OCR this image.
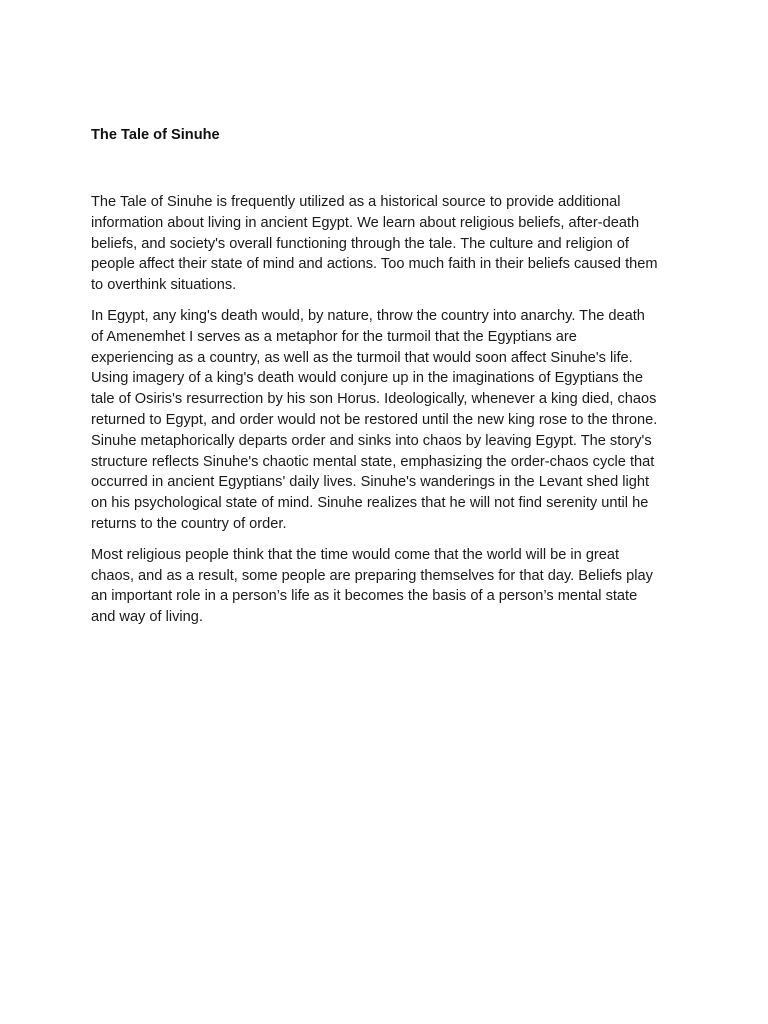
The Tale of Sinuhe

The Tale of Sinuhe is frequently utilized as a historical source to provide additional
information about living in ancient Egypt. We learn about religious beliefs, after-death
beliefs, and society's overall functioning through the tale. The culture and religion of
people affect their state of mind and actions. Too much faith in their beliefs caused them
to overthink situations.

In Egypt, any king's death would, by nature, throw the country into anarchy. The death
of Amenemhet I serves as a metaphor for the turmoil that the Egyptians are
experiencing as a country, as well as the turmoil that would soon affect Sinuhe's life.
Using imagery of a king's death would conjure up in the imaginations of Egyptians the
tale of Osiris's resurrection by his son Horus. Ideologically, whenever a king died, chaos
returned to Egypt, and order would not be restored until the new king rose to the throne.
Sinuhe metaphorically departs order and sinks into chaos by leaving Egypt. The story's
structure reflects Sinuhe's chaotic mental state, emphasizing the order-chaos cycle that
occurred in ancient Egyptians' daily lives. Sinuhe's wanderings in the Levant shed light
on his psychological state of mind. Sinuhe realizes that he will not find serenity until he
returns to the country of order.

Most religious people think that the time would come that the world will be in great
chaos, and as a result, some people are preparing themselves for that day. Beliefs play
an important role in a person’s life as it becomes the basis of a person’s mental state
and way of living.
